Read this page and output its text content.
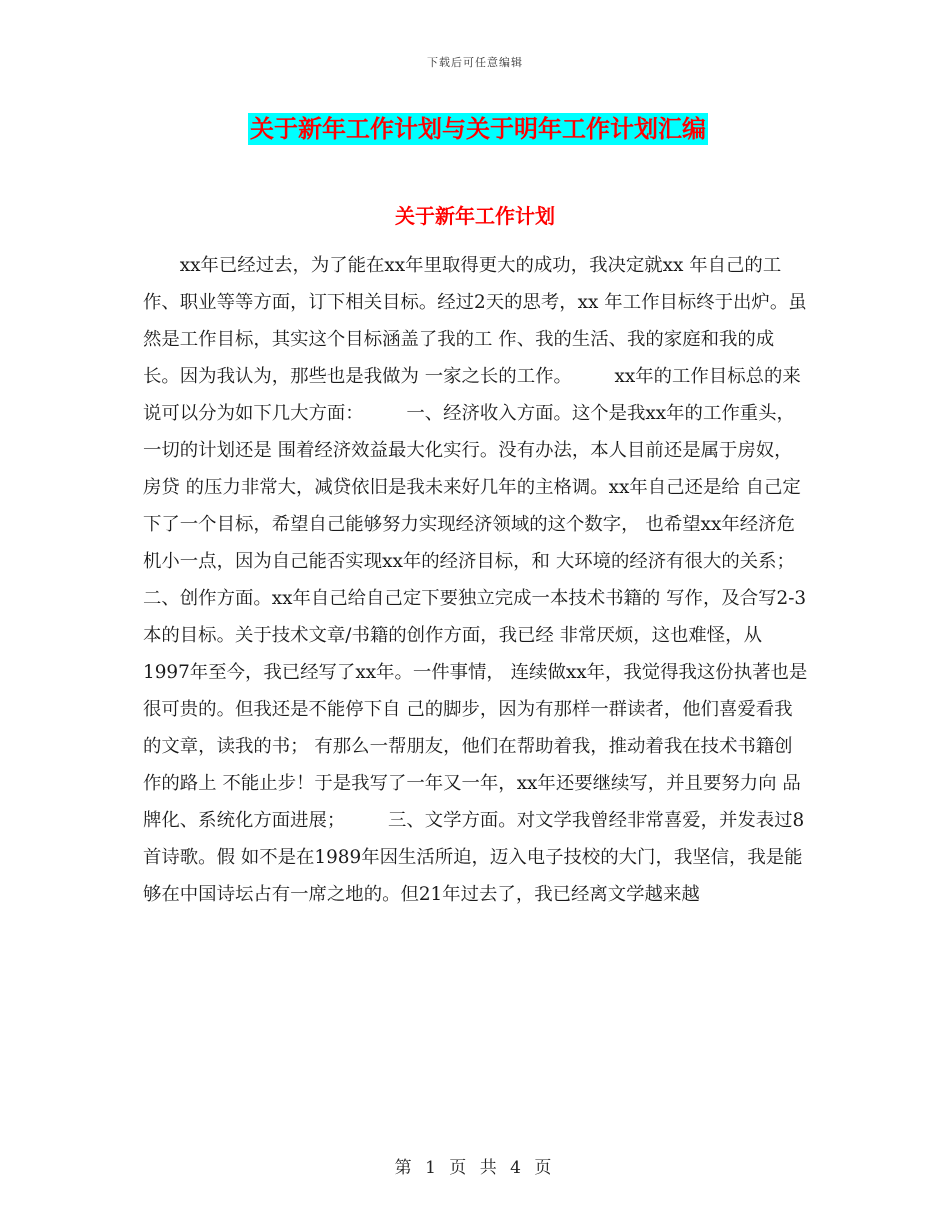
下载后可任意编辑
关于新年工作计划与关于明年工作计划汇编
关于新年工作计划
　　xx年已经过去，为了能在xx年里取得更大的成功，我决定就xx 年自己的工作、职业等等方面，订下相关目标。经过2天的思考，xx 年工作目标终于出炉。虽然是工作目标，其实这个目标涵盖了我的工 作、我的生活、我的家庭和我的成长。因为我认为，那些也是我做为 一家之长的工作。 　　xx年的工作目标总的来说可以分为如下几大方面： 　　一、经济收入方面。这个是我xx年的工作重头，一切的计划还是 围着经济效益最大化实行。没有办法，本人目前还是属于房奴，房贷 的压力非常大，减贷依旧是我未来好几年的主格调。xx年自己还是给 自己定下了一个目标，希望自己能够努力实现经济领域的这个数字， 也希望xx年经济危机小一点，因为自己能否实现xx年的经济目标，和 大环境的经济有很大的关系； 　　二、创作方面。xx年自己给自己定下要独立完成一本技术书籍的 写作，及合写2-3本的目标。关于技术文章/书籍的创作方面，我已经 非常厌烦，这也难怪，从1997年至今，我已经写了xx年。一件事情， 连续做xx年，我觉得我这份执著也是很可贵的。但我还是不能停下自 己的脚步，因为有那样一群读者，他们喜爱看我的文章，读我的书； 有那么一帮朋友，他们在帮助着我，推动着我在技术书籍创作的路上 不能止步！于是我写了一年又一年，xx年还要继续写，并且要努力向 品牌化、系统化方面进展； 　　三、文学方面。对文学我曾经非常喜爱，并发表过8首诗歌。假 如不是在1989年因生活所迫，迈入电子技校的大门，我坚信，我是能 够在中国诗坛占有一席之地的。但21年过去了，我已经离文学越来越
第 1 页 共 4 页
